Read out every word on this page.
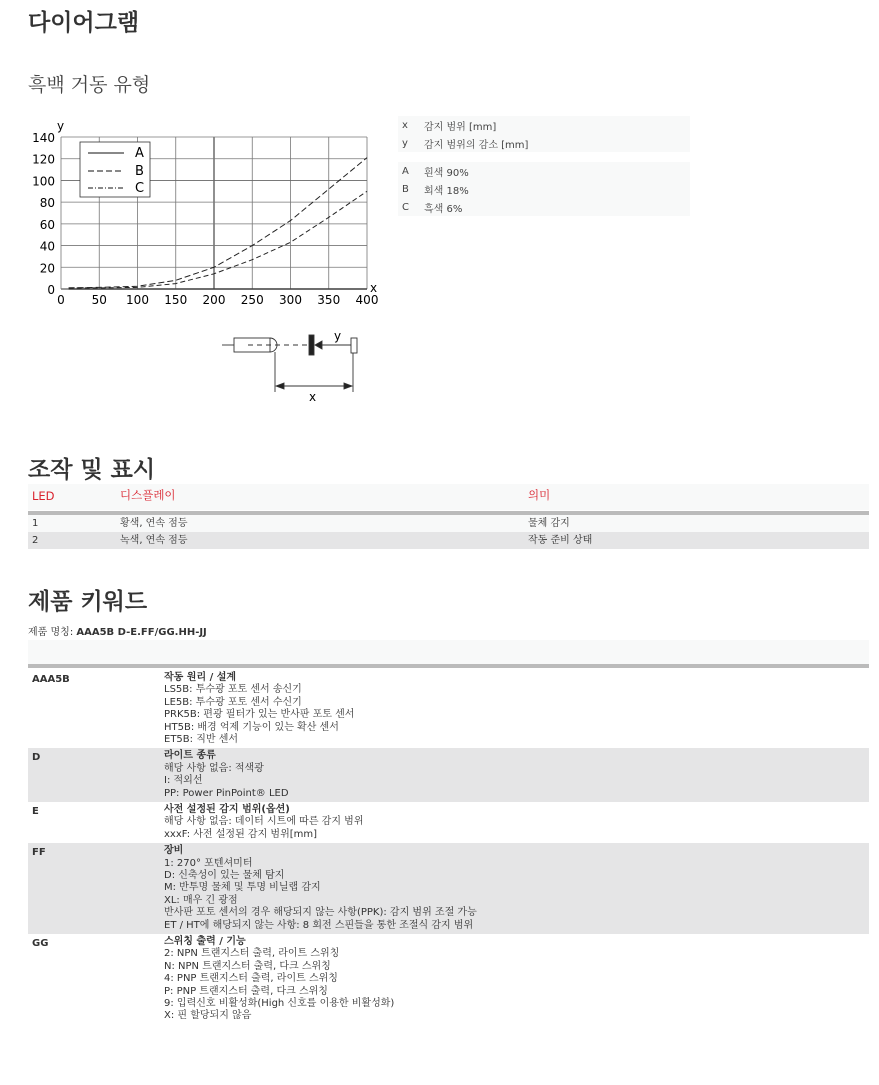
다이어그램
흑백 거동 유형
0 50 100 150 200 250 300 350 400
0
20
40
60
80
100
120
140
A
B
C
y
x
y
x
x	감지 범위 [mm]
y	감지 범위의 감소 [mm]
A	흰색 90%
B	회색 18%
C	흑색 6%
조작 및 표시
LED	디스플레이	의미
1	황색, 연속 점등	물체 감지
2	녹색, 연속 점등	작동 준비 상태
제품 키워드
제품 명칭: AAA5B D-E.FF/GG.HH-JJ
AAA5B	작동 원리 / 설계
LS5B: 투수광 포토 센서 송신기
LE5B: 투수광 포토 센서 수신기
PRK5B: 편광 필터가 있는 반사판 포토 센서
HT5B: 배경 억제 기능이 있는 확산 센서
ET5B: 직반 센서
D	라이트 종류
해당 사항 없음: 적색광
I: 적외선
PP: Power PinPoint® LED
E	사전 설정된 감지 범위(옵션)
해당 사항 없음: 데이터 시트에 따른 감지 범위
xxxF: 사전 설정된 감지 범위[mm]
FF	장비
1: 270° 포텐셔미터
D: 신축성이 있는 물체 탐지
M: 반투명 물체 및 투명 비닐랩 감지
XL: 매우 긴 광점
반사판 포토 센서의 경우 해당되지 않는 사항(PPK): 감지 범위 조절 가능
ET / HT에 해당되지 않는 사항: 8 회전 스핀들을 통한 조절식 감지 범위
GG	스위칭 출력 / 기능
2: NPN 트랜지스터 출력, 라이트 스위칭
N: NPN 트랜지스터 출력, 다크 스위칭
4: PNP 트랜지스터 출력, 라이트 스위칭
P: PNP 트랜지스터 출력, 다크 스위칭
9: 입력신호 비활성화(High 신호를 이용한 비활성화)
X: 핀 할당되지 않음
